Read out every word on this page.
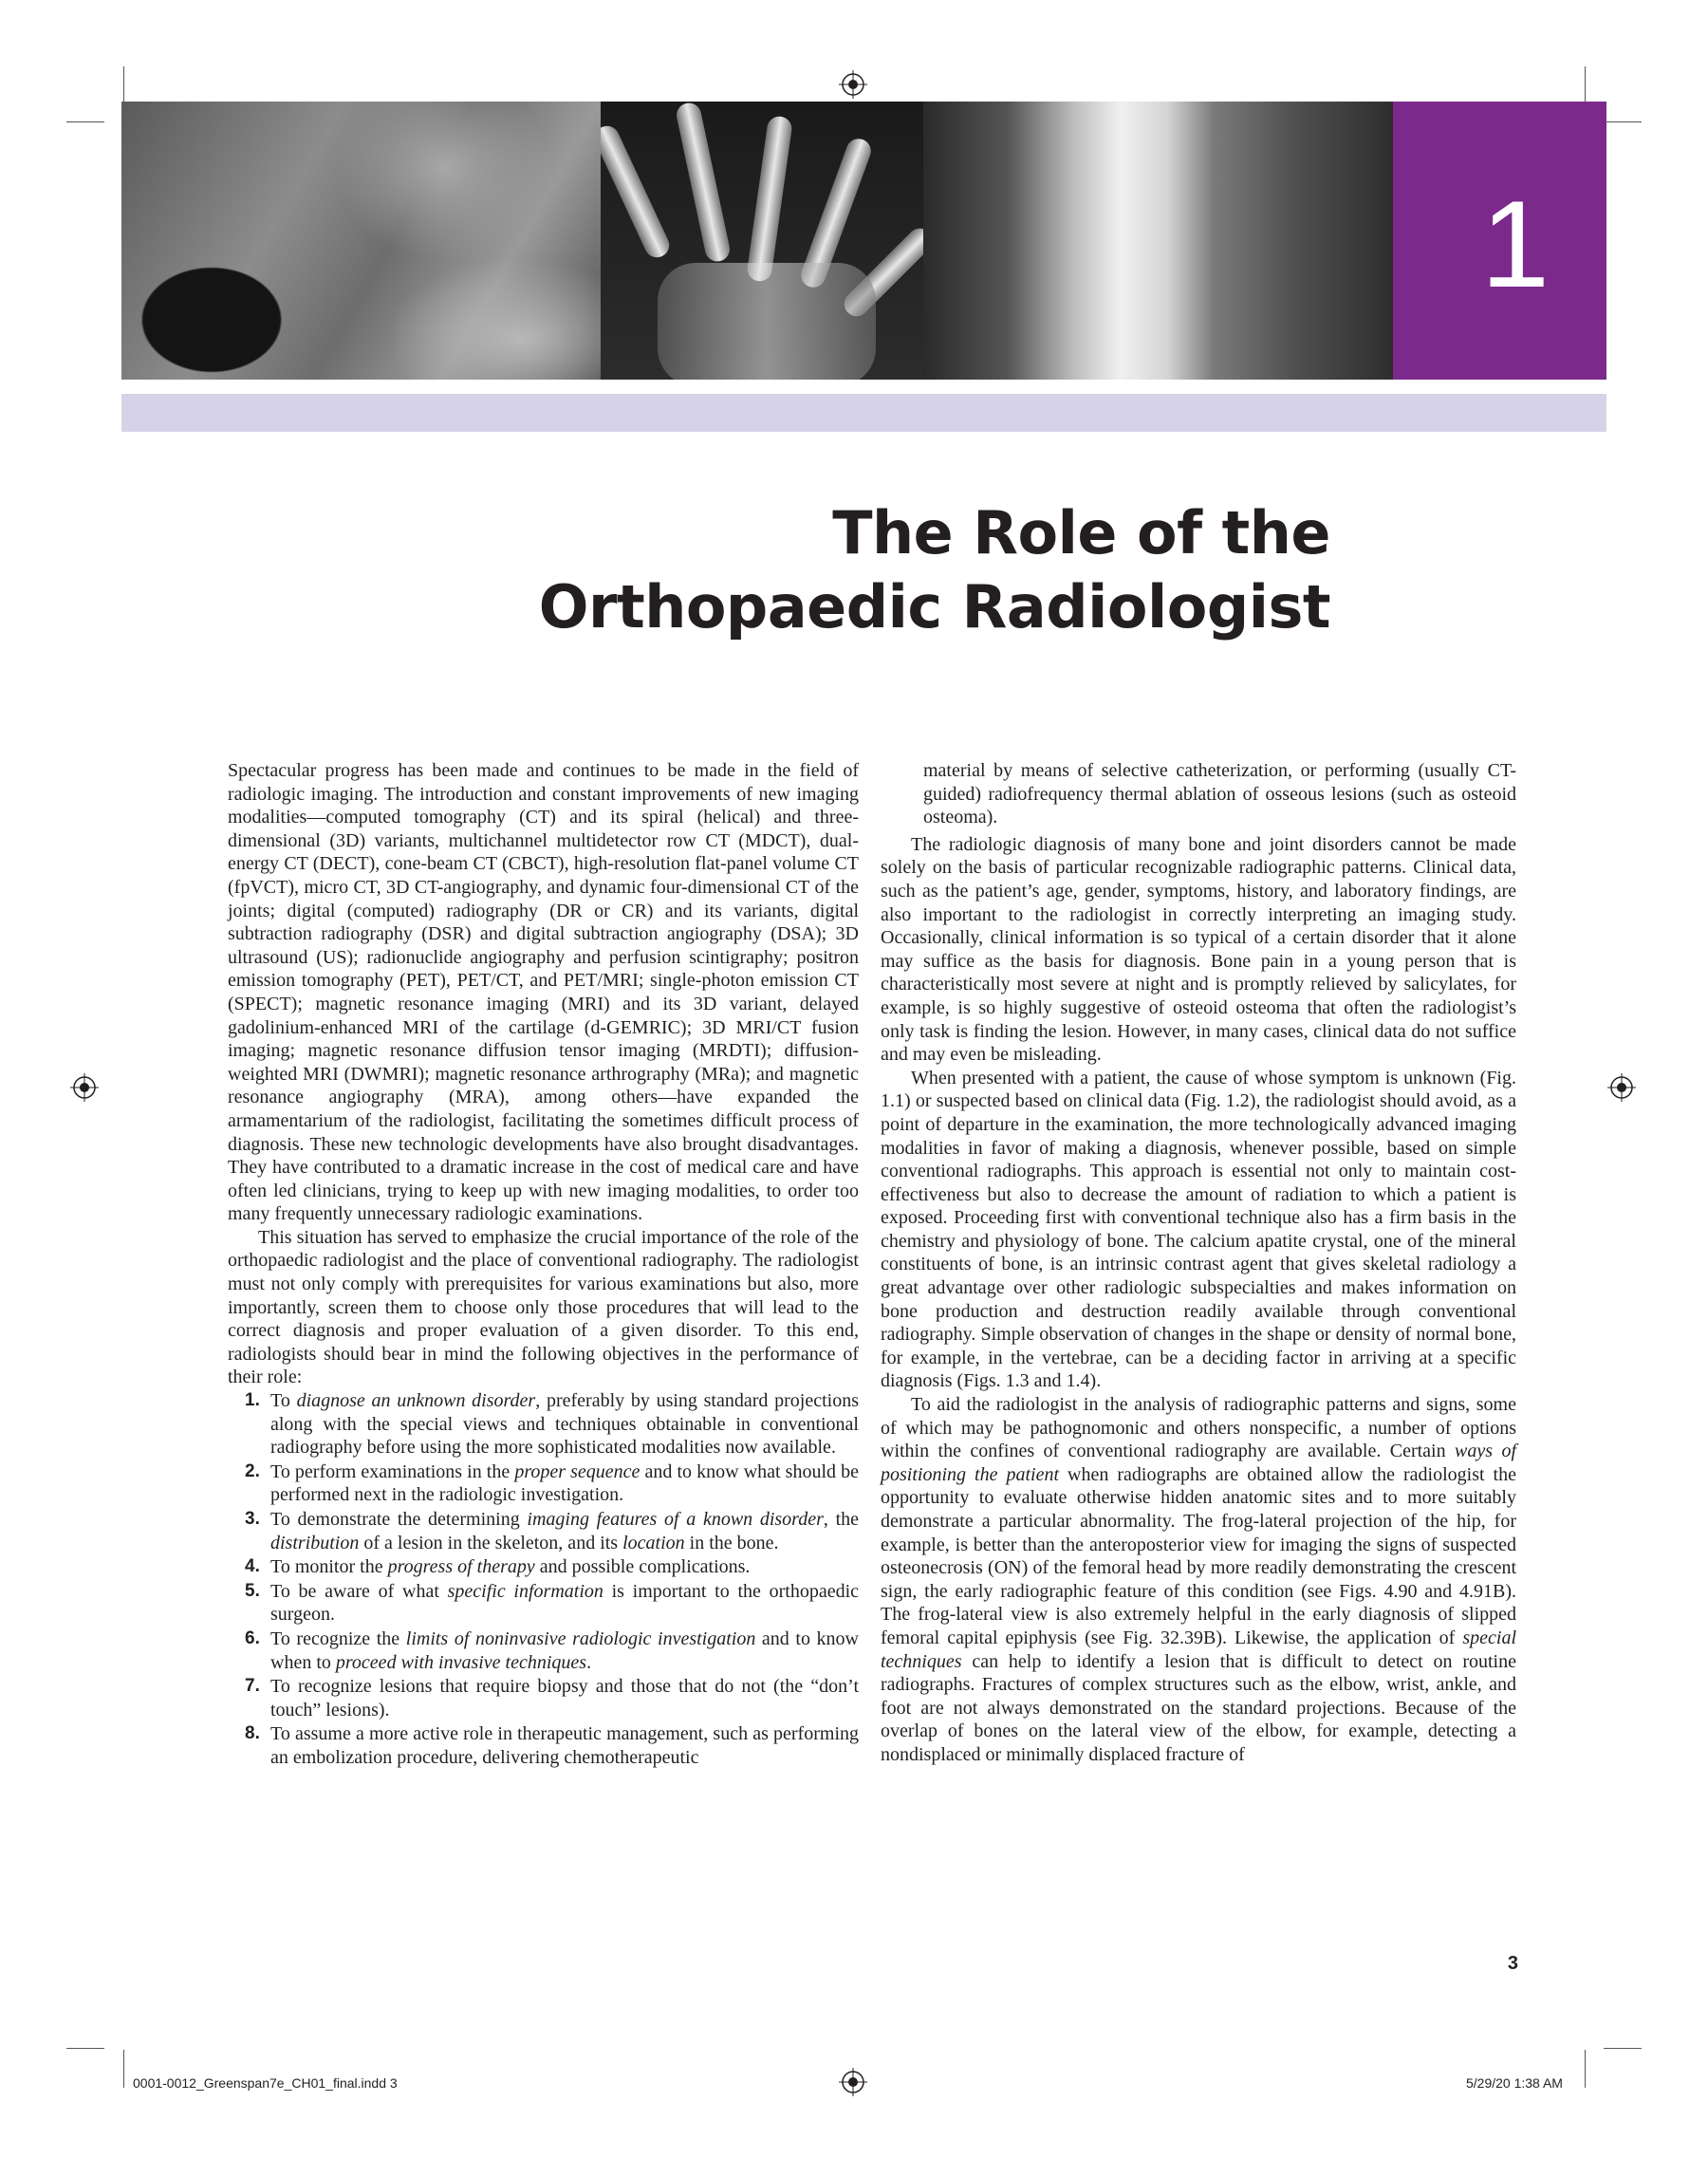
1
The Role of the
Orthopaedic Radiologist

Spectacular progress has been made and continues to be made in the field of radiologic imaging. The introduction and constant improvements of new imaging modalities—computed tomography (CT) and its spiral (helical) and three-dimensional (3D) variants, multichannel multidetector row CT (MDCT), dual-energy CT (DECT), cone-beam CT (CBCT), high-resolution flat-panel volume CT (fpVCT), micro CT, 3D CT-angiography, and dynamic four-dimensional CT of the joints; digital (computed) radiography (DR or CR) and its variants, digital subtraction radiography (DSR) and digital subtraction angiography (DSA); 3D ultrasound (US); radionuclide angiography and perfusion scintigraphy; positron emission tomography (PET), PET/CT, and PET/MRI; single-photon emission CT (SPECT); magnetic resonance imaging (MRI) and its 3D variant, delayed gadolinium-enhanced MRI of the cartilage (d-GEMRIC); 3D MRI/CT fusion imaging; magnetic resonance diffusion tensor imaging (MRDTI); diffusion-weighted MRI (DWMRI); magnetic resonance arthrography (MRa); and magnetic resonance angiography (MRA), among others—have expanded the armamentarium of the radiologist, facilitating the sometimes difficult process of diagnosis. These new technologic developments have also brought disadvantages. They have contributed to a dramatic increase in the cost of medical care and have often led clinicians, trying to keep up with new imaging modalities, to order too many frequently unnecessary radiologic examinations.

This situation has served to emphasize the crucial importance of the role of the orthopaedic radiologist and the place of conventional radiography. The radiologist must not only comply with prerequisites for various examinations but also, more importantly, screen them to choose only those procedures that will lead to the correct diagnosis and proper evaluation of a given disorder. To this end, radiologists should bear in mind the following objectives in the performance of their role:

1. To diagnose an unknown disorder, preferably by using standard projections along with the special views and techniques obtainable in conventional radiography before using the more sophisticated modalities now available.
2. To perform examinations in the proper sequence and to know what should be performed next in the radiologic investigation.
3. To demonstrate the determining imaging features of a known disorder, the distribution of a lesion in the skeleton, and its location in the bone.
4. To monitor the progress of therapy and possible complications.
5. To be aware of what specific information is important to the orthopaedic surgeon.
6. To recognize the limits of noninvasive radiologic investigation and to know when to proceed with invasive techniques.
7. To recognize lesions that require biopsy and those that do not (the “don’t touch” lesions).
8. To assume a more active role in therapeutic management, such as performing an embolization procedure, delivering chemotherapeutic

material by means of selective catheterization, or performing (usually CT-guided) radiofrequency thermal ablation of osseous lesions (such as osteoid osteoma).

The radiologic diagnosis of many bone and joint disorders cannot be made solely on the basis of particular recognizable radiographic patterns. Clinical data, such as the patient’s age, gender, symptoms, history, and laboratory findings, are also important to the radiologist in correctly interpreting an imaging study. Occasionally, clinical information is so typical of a certain disorder that it alone may suffice as the basis for diagnosis. Bone pain in a young person that is characteristically most severe at night and is promptly relieved by salicylates, for example, is so highly suggestive of osteoid osteoma that often the radiologist’s only task is finding the lesion. However, in many cases, clinical data do not suffice and may even be misleading.

When presented with a patient, the cause of whose symptom is unknown (Fig. 1.1) or suspected based on clinical data (Fig. 1.2), the radiologist should avoid, as a point of departure in the examination, the more technologically advanced imaging modalities in favor of making a diagnosis, whenever possible, based on simple conventional radiographs. This approach is essential not only to maintain cost-effectiveness but also to decrease the amount of radiation to which a patient is exposed. Proceeding first with conventional technique also has a firm basis in the chemistry and physiology of bone. The calcium apatite crystal, one of the mineral constituents of bone, is an intrinsic contrast agent that gives skeletal radiology a great advantage over other radiologic subspecialties and makes information on bone production and destruction readily available through conventional radiography. Simple observation of changes in the shape or density of normal bone, for example, in the vertebrae, can be a deciding factor in arriving at a specific diagnosis (Figs. 1.3 and 1.4).

To aid the radiologist in the analysis of radiographic patterns and signs, some of which may be pathognomonic and others nonspecific, a number of options within the confines of conventional radiography are available. Certain ways of positioning the patient when radiographs are obtained allow the radiologist the opportunity to evaluate otherwise hidden anatomic sites and to more suitably demonstrate a particular abnormality. The frog-lateral projection of the hip, for example, is better than the anteroposterior view for imaging the signs of suspected osteonecrosis (ON) of the femoral head by more readily demonstrating the crescent sign, the early radiographic feature of this condition (see Figs. 4.90 and 4.91B). The frog-lateral view is also extremely helpful in the early diagnosis of slipped femoral capital epiphysis (see Fig. 32.39B). Likewise, the application of special techniques can help to identify a lesion that is difficult to detect on routine radiographs. Fractures of complex structures such as the elbow, wrist, ankle, and foot are not always demonstrated on the standard projections. Because of the overlap of bones on the lateral view of the elbow, for example, detecting a nondisplaced or minimally displaced fracture of

3
0001-0012_Greenspan7e_CH01_final.indd 3	5/29/20 1:38 AM
